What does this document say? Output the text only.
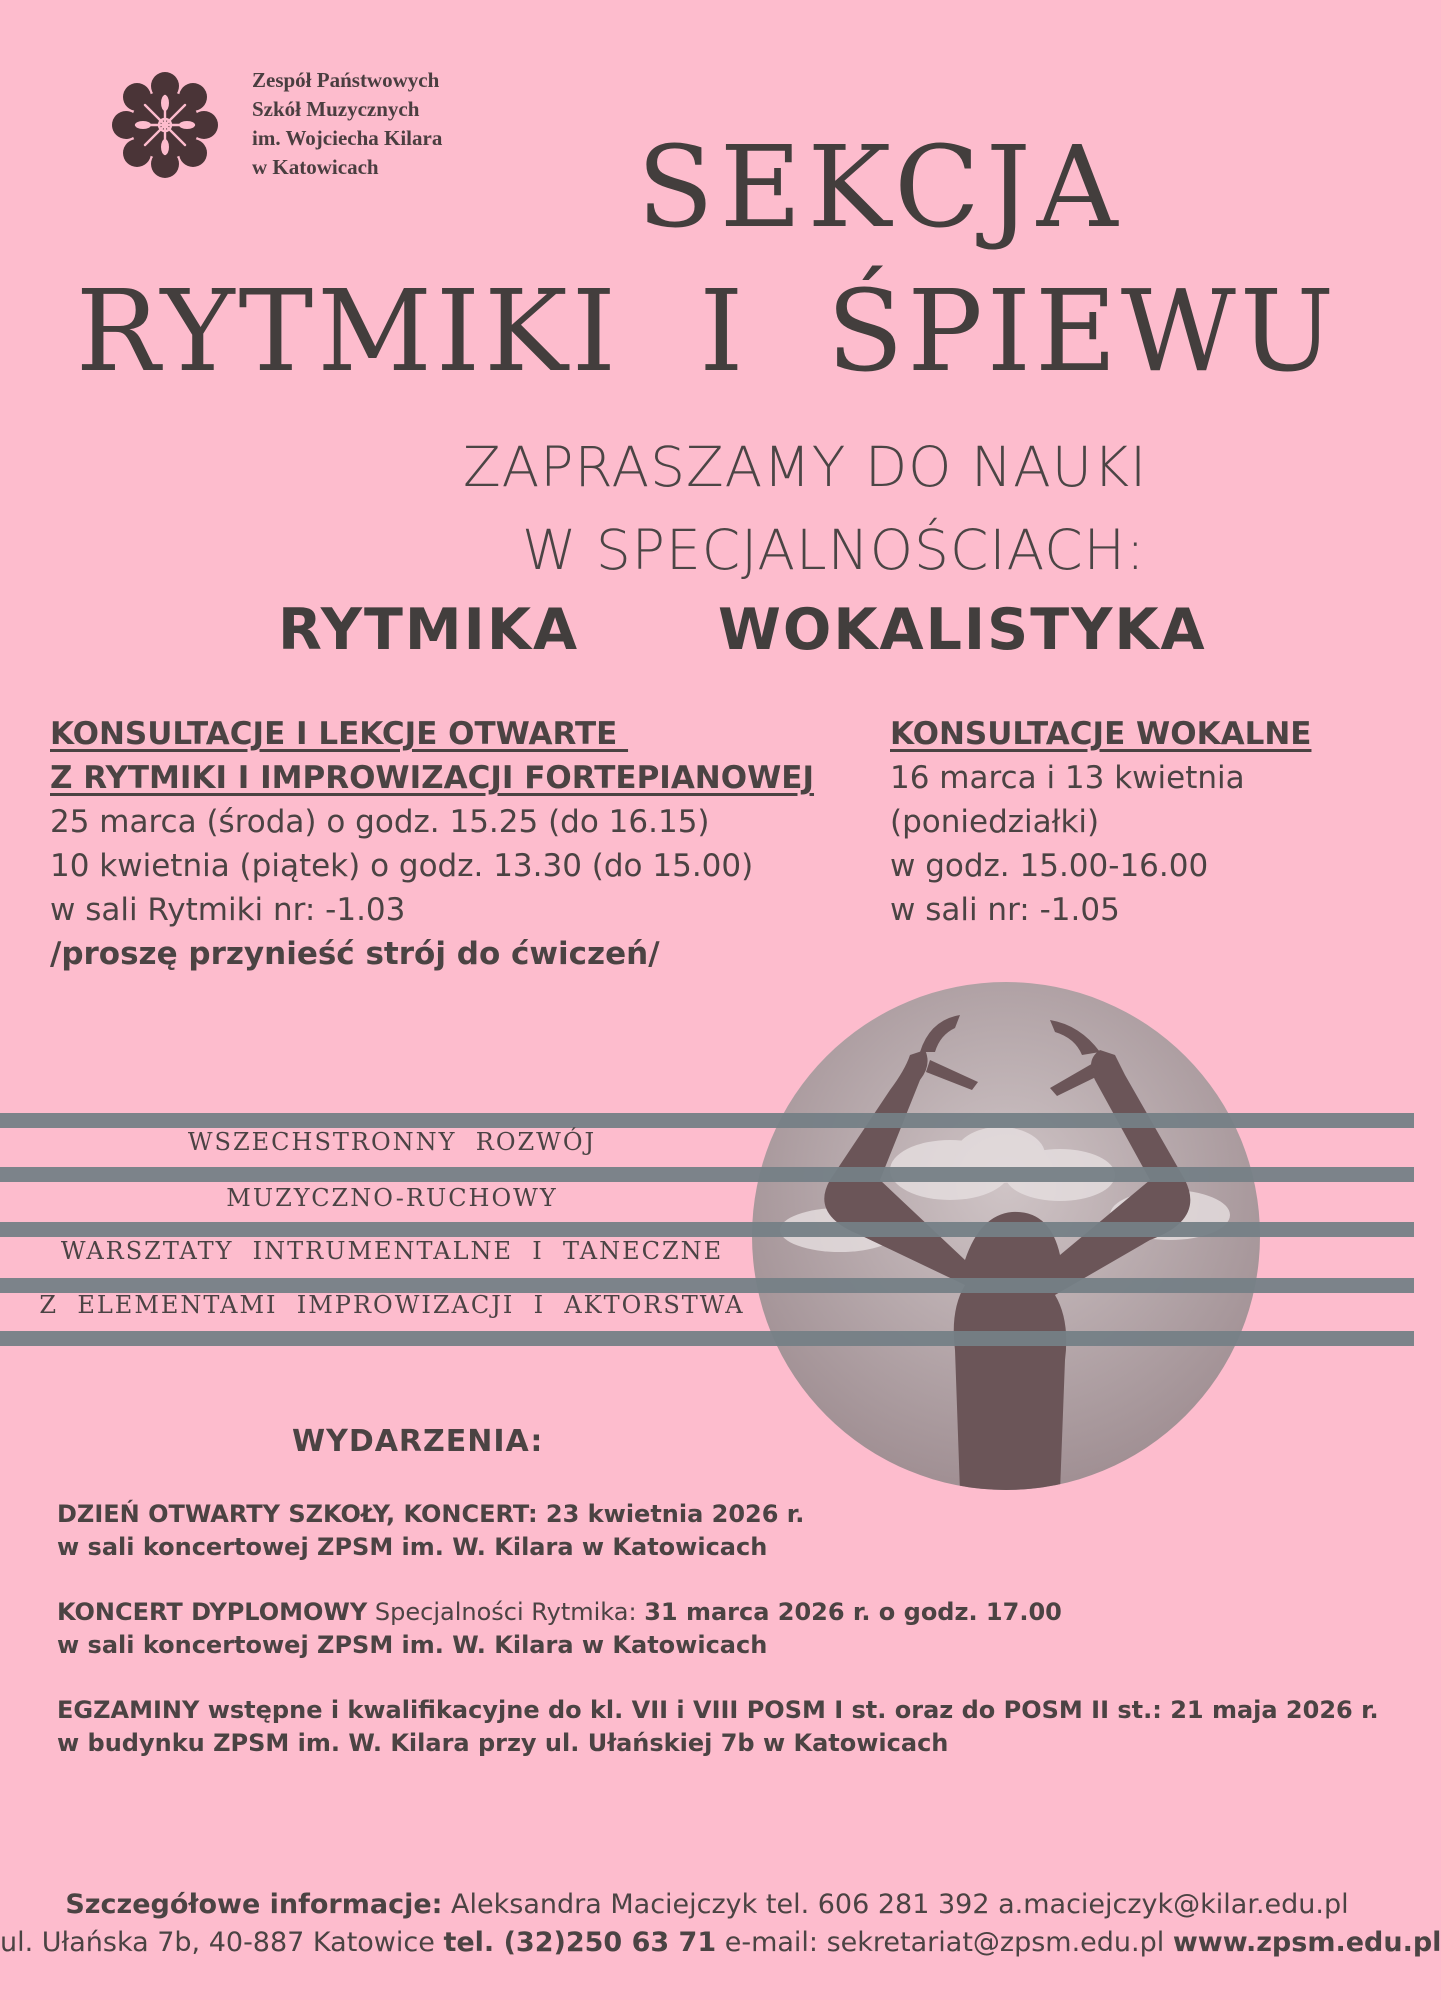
Zespół Państwowych
Szkół Muzycznych
im. Wojciecha Kilara
w Katowicach	SEKCJA
RYTMIKI  I  ŚPIEWU
ZAPRASZAMY DO NAUKI
W SPECJALNOŚCIACH:
RYTMIKA WOKALISTYKA
KONSULTACJE I LEKCJE OTWARTE
Z RYTMIKI I IMPROWIZACJI FORTEPIANOWEJ
25 marca (środa) o godz. 15.25 (do 16.15)
10 kwietnia (piątek) o godz. 13.30 (do 15.00)
w sali Rytmiki nr: -1.03
/proszę przynieść strój do ćwiczeń/
KONSULTACJE WOKALNE
16 marca i 13 kwietnia
(poniedziałki)
w godz. 15.00-16.00
w sali nr: -1.05
WSZECHSTRONNY  ROZWÓJ
MUZYCZNO-RUCHOWY
WARSZTATY  INTRUMENTALNE  I  TANECZNE
Z  ELEMENTAMI  IMPROWIZACJI  I  AKTORSTWA
WYDARZENIA:
DZIEŃ OTWARTY SZKOŁY, KONCERT: 23 kwietnia 2026 r.
w sali koncertowej ZPSM im. W. Kilara w Katowicach
KONCERT DYPLOMOWY Specjalności Rytmika: 31 marca 2026 r. o godz. 17.00
w sali koncertowej ZPSM im. W. Kilara w Katowicach
EGZAMINY wstępne i kwalifikacyjne do kl. VII i VIII POSM I st. oraz do POSM II st.: 21 maja 2026 r.
w budynku ZPSM im. W. Kilara przy ul. Ułańskiej 7b w Katowicach
Szczegółowe informacje: Aleksandra Maciejczyk tel. 606 281 392 a.maciejczyk@kilar.edu.pl
ul. Ułańska 7b, 40-887 Katowice tel. (32)250 63 71 e-mail: sekretariat@zpsm.edu.pl www.zpsm.edu.pl
